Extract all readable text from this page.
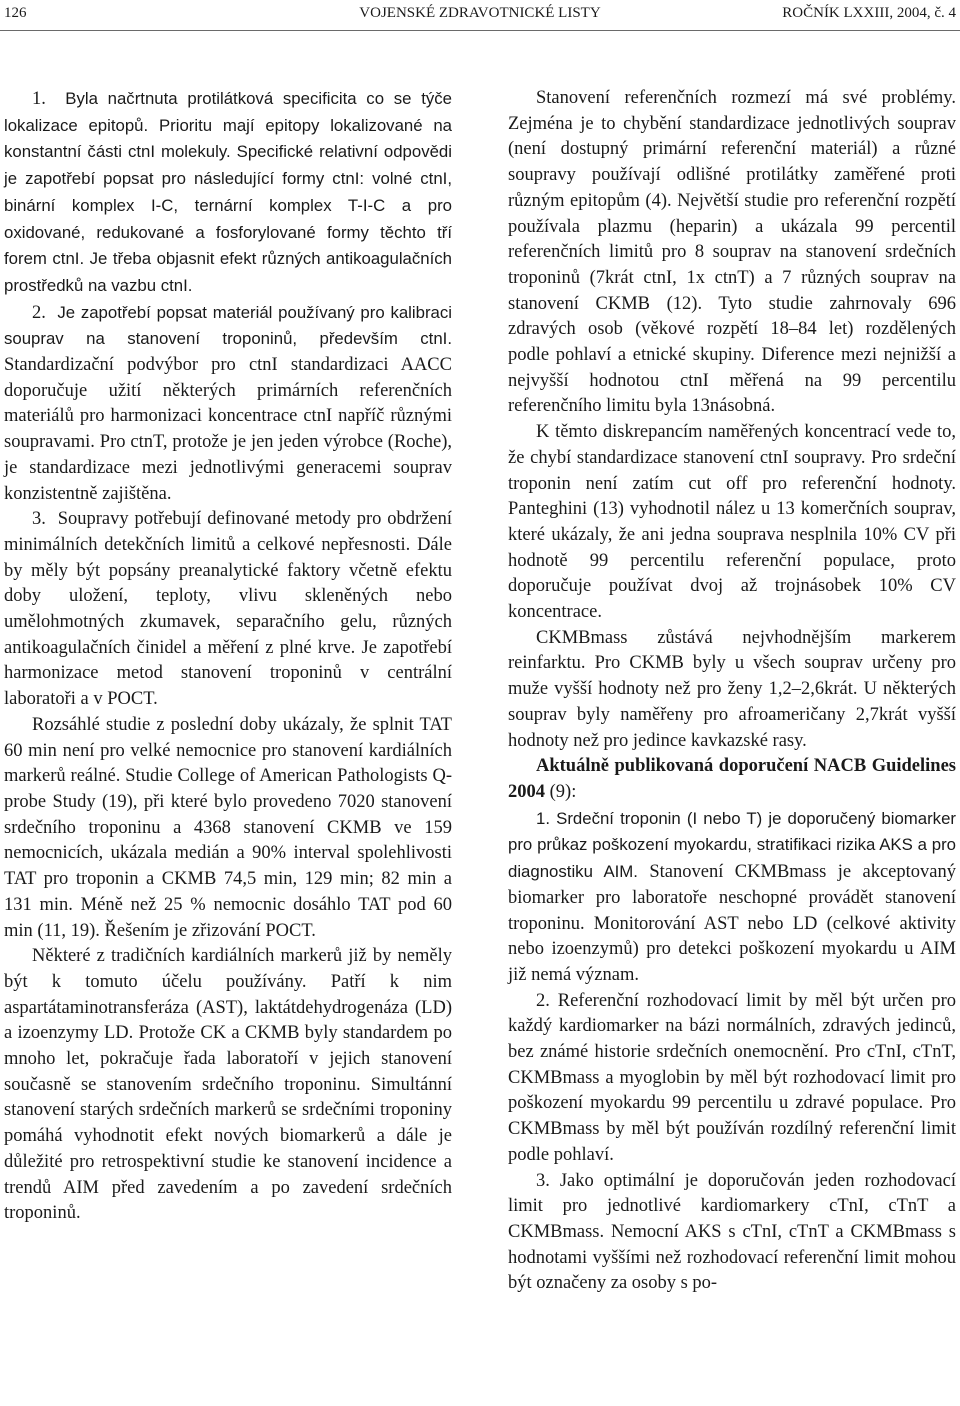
126	VOJENSKÉ ZDRAVOTNICKÉ LISTY	ROČNÍK LXXIII, 2004, č. 4

1. Byla načrtnuta protilátková specificita co se týče lokalizace epitopů. Prioritu mají epitopy lokalizované na konstantní části ctnI molekuly. Specifické relativní odpovědi je zapotřebí popsat pro následující formy ctnI: volné ctnI, binární komplex I-C, ternární komplex T-I-C a pro oxidované, redukované a fosforylované formy těchto tří forem ctnI. Je třeba objasnit efekt různých antikoagulačních prostředků na vazbu ctnI.

2. Je zapotřebí popsat materiál používaný pro kalibraci souprav na stanovení troponinů, především ctnI. Standardizační podvýbor pro ctnI standardizaci AACC doporučuje užití některých primárních referenčních materiálů pro harmonizaci koncentrace ctnI napříč různými soupravami. Pro ctnT, protože je jen jeden výrobce (Roche), je standardizace mezi jednotlivými generacemi souprav konzistentně zajištěna.

3. Soupravy potřebují definované metody pro obdržení minimálních detekčních limitů a celkové nepřesnosti. Dále by měly být popsány preanalytické faktory včetně efektu doby uložení, teploty, vlivu skleněných nebo umělohmotných zkumavek, separačního gelu, různých antikoagulačních činidel a měření z plné krve. Je zapotřebí harmonizace metod stanovení troponinů v centrální laboratoři a v POCT.

Rozsáhlé studie z poslední doby ukázaly, že splnit TAT 60 min není pro velké nemocnice pro stanovení kardiálních markerů reálné. Studie College of American Pathologists Q-probe Study (19), při které bylo provedeno 7020 stanovení srdečního troponinu a 4368 stanovení CKMB ve 159 nemocnicích, ukázala medián a 90% interval spolehlivosti TAT pro troponin a CKMB 74,5 min, 129 min; 82 min a 131 min. Méně než 25 % nemocnic dosáhlo TAT pod 60 min (11, 19). Řešením je zřizování POCT.

Některé z tradičních kardiálních markerů již by neměly být k tomuto účelu používány. Patří k nim aspartátaminotransferáza (AST), laktátdehydrogenáza (LD) a izoenzymy LD. Protože CK a CKMB byly standardem po mnoho let, pokračuje řada laboratoří v jejich stanovení současně se stanovením srdečního troponinu. Simultánní stanovení starých srdečních markerů se srdečními troponiny pomáhá vyhodnotit efekt nových biomarkerů a dále je důležité pro retrospektivní studie ke stanovení incidence a trendů AIM před zavedením a po zavedení srdečních troponinů.

Stanovení referenčních rozmezí má své problémy. Zejména je to chybění standardizace jednotlivých souprav (není dostupný primární referenční materiál) a různé soupravy používají odlišné protilátky zaměřené proti různým epitopům (4). Největší studie pro referenční rozpětí používala plazmu (heparin) a ukázala 99 percentil referenčních limitů pro 8 souprav na stanovení srdečních troponinů (7krát ctnI, 1x ctnT) a 7 různých souprav na stanovení CKMB (12). Tyto studie zahrnovaly 696 zdravých osob (věkové rozpětí 18–84 let) rozdělených podle pohlaví a etnické skupiny. Diference mezi nejnižší a nejvyšší hodnotou ctnI měřená na 99 percentilu referenčního limitu byla 13násobná.

K těmto diskrepancím naměřených koncentrací vede to, že chybí standardizace stanovení ctnI soupravy. Pro srdeční troponin není zatím cut off pro referenční hodnoty. Panteghini (13) vyhodnotil nález u 13 komerčních souprav, které ukázaly, že ani jedna souprava nesplnila 10% CV při hodnotě 99 percentilu referenční populace, proto doporučuje používat dvoj až trojnásobek 10% CV koncentrace.

CKMBmass zůstává nejvhodnějším markerem reinfarktu. Pro CKMB byly u všech souprav určeny pro muže vyšší hodnoty než pro ženy 1,2–2,6krát. U některých souprav byly naměřeny pro afroameričany 2,7krát vyšší hodnoty než pro jedince kavkazské rasy.

Aktuálně publikovaná doporučení NACB Guidelines 2004 (9):

1. Srdeční troponin (I nebo T) je doporučený biomarker pro průkaz poškození myokardu, stratifikaci rizika AKS a pro diagnostiku AIM. Stanovení CKMBmass je akceptovaný biomarker pro laboratoře neschopné provádět stanovení troponinu. Monitorování AST nebo LD (celkové aktivity nebo izoenzymů) pro detekci poškození myokardu u AIM již nemá význam.

2. Referenční rozhodovací limit by měl být určen pro každý kardiomarker na bázi normálních, zdravých jedinců, bez známé historie srdečních onemocnění. Pro cTnI, cTnT, CKMBmass a myoglobin by měl být rozhodovací limit pro poškození myokardu 99 percentilu u zdravé populace. Pro CKMBmass by měl být používán rozdílný referenční limit podle pohlaví.

3. Jako optimální je doporučován jeden rozhodovací limit pro jednotlivé kardiomarkery cTnI, cTnT a CKMBmass. Nemocní AKS s cTnI, cTnT a CKMBmass s hodnotami vyššími než rozhodovací referenční limit mohou být označeny za osoby s po-
